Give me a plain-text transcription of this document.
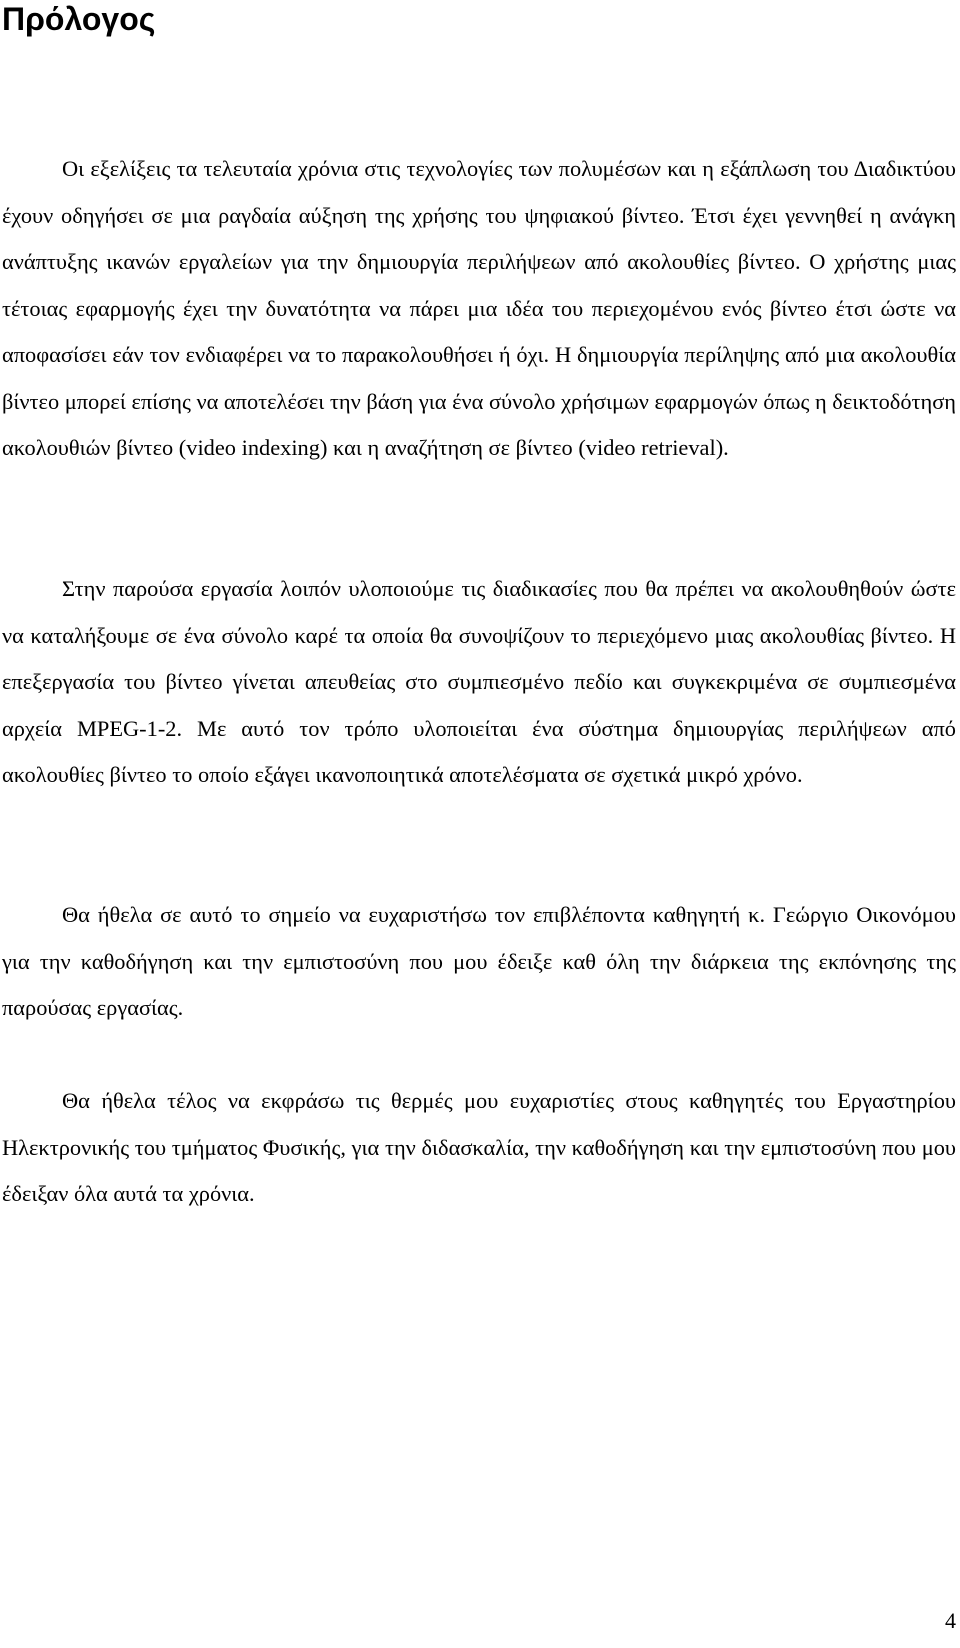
Πρόλογος

Οι εξελίξεις τα τελευταία χρόνια στις τεχνολογίες των πολυμέσων και η εξάπλωση του Διαδικτύου έχουν οδηγήσει σε μια ραγδαία αύξηση της χρήσης του ψηφιακού βίντεο. Έτσι έχει γεννηθεί η ανάγκη ανάπτυξης ικανών εργαλείων για την δημιουργία περιλήψεων από ακολουθίες βίντεο. Ο χρήστης μιας τέτοιας εφαρμογής έχει την δυνατότητα να πάρει μια ιδέα του περιεχομένου ενός βίντεο έτσι ώστε να αποφασίσει εάν τον ενδιαφέρει να το παρακολουθήσει ή όχι. Η δημιουργία περίληψης από μια ακολουθία βίντεο μπορεί επίσης να αποτελέσει την βάση για ένα σύνολο χρήσιμων εφαρμογών όπως η δεικτοδότηση ακολουθιών βίντεο (video indexing) και η αναζήτηση σε βίντεο (video retrieval).

Στην παρούσα εργασία λοιπόν υλοποιούμε τις διαδικασίες που θα πρέπει να ακολουθηθούν ώστε να καταλήξουμε σε ένα σύνολο καρέ τα οποία θα συνοψίζουν το περιεχόμενο μιας ακολουθίας βίντεο. Η επεξεργασία του βίντεο γίνεται απευθείας στο συμπιεσμένο πεδίο και συγκεκριμένα σε συμπιεσμένα αρχεία MPEG-1-2. Με αυτό τον τρόπο υλοποιείται ένα σύστημα δημιουργίας περιλήψεων από ακολουθίες βίντεο το οποίο εξάγει ικανοποιητικά αποτελέσματα σε σχετικά μικρό χρόνο.

Θα ήθελα σε αυτό το σημείο να ευχαριστήσω τον επιβλέποντα καθηγητή κ. Γεώργιο Οικονόμου για την καθοδήγηση και την εμπιστοσύνη που μου έδειξε καθ όλη την διάρκεια της εκπόνησης της παρούσας εργασίας.

Θα ήθελα τέλος να εκφράσω τις θερμές μου ευχαριστίες στους καθηγητές του Εργαστηρίου Ηλεκτρονικής του τμήματος Φυσικής, για την διδασκαλία, την καθοδήγηση και την εμπιστοσύνη που μου έδειξαν όλα αυτά τα χρόνια.

4
